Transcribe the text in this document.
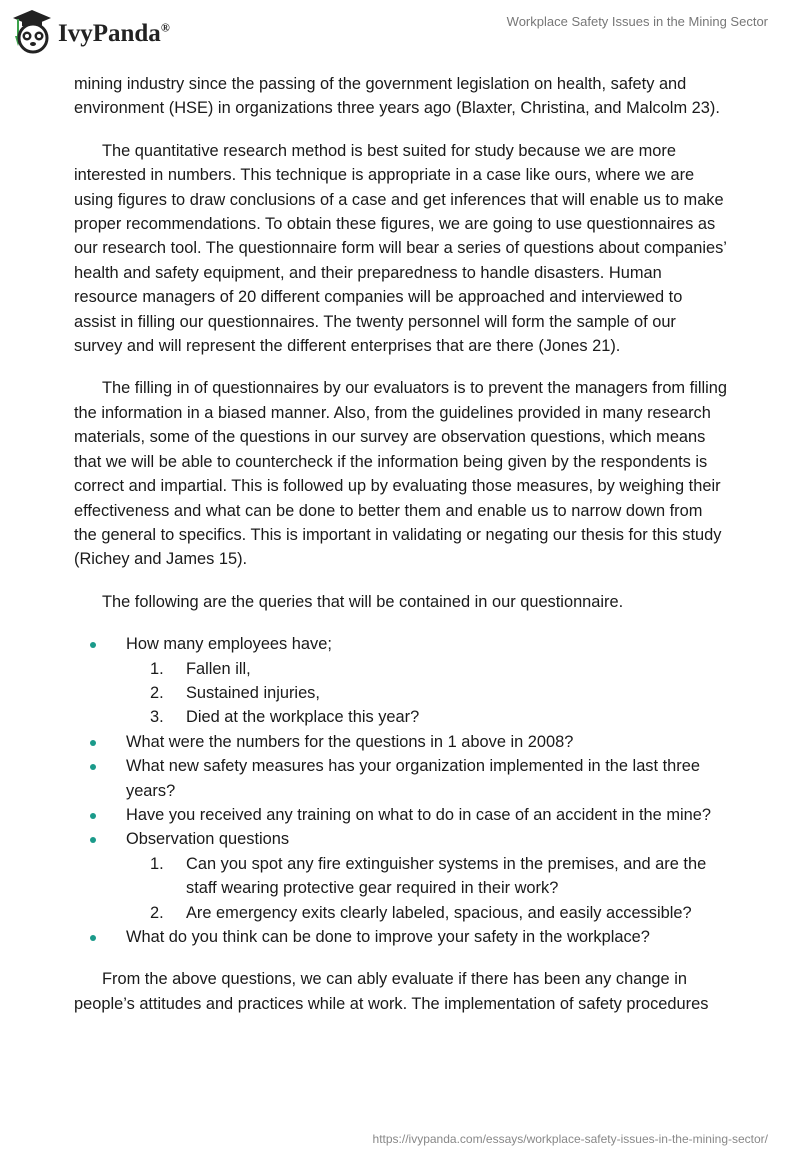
IvyPanda®	Workplace Safety Issues in the Mining Sector

mining industry since the passing of the government legislation on health, safety and environment (HSE) in organizations three years ago (Blaxter, Christina, and Malcolm 23).

The quantitative research method is best suited for study because we are more interested in numbers. This technique is appropriate in a case like ours, where we are using figures to draw conclusions of a case and get inferences that will enable us to make proper recommendations. To obtain these figures, we are going to use questionnaires as our research tool. The questionnaire form will bear a series of questions about companies’ health and safety equipment, and their preparedness to handle disasters. Human resource managers of 20 different companies will be approached and interviewed to assist in filling our questionnaires. The twenty personnel will form the sample of our survey and will represent the different enterprises that are there (Jones 21).

The filling in of questionnaires by our evaluators is to prevent the managers from filling the information in a biased manner. Also, from the guidelines provided in many research materials, some of the questions in our survey are observation questions, which means that we will be able to countercheck if the information being given by the respondents is correct and impartial. This is followed up by evaluating those measures, by weighing their effectiveness and what can be done to better them and enable us to narrow down from the general to specifics. This is important in validating or negating our thesis for this study (Richey and James 15).

The following are the queries that will be contained in our questionnaire.

How many employees have;
1. Fallen ill,
2. Sustained injuries,
3. Died at the workplace this year?
What were the numbers for the questions in 1 above in 2008?
What new safety measures has your organization implemented in the last three years?
Have you received any training on what to do in case of an accident in the mine?
Observation questions
1. Can you spot any fire extinguisher systems in the premises, and are the staff wearing protective gear required in their work?
2. Are emergency exits clearly labeled, spacious, and easily accessible?
What do you think can be done to improve your safety in the workplace?

From the above questions, we can ably evaluate if there has been any change in people’s attitudes and practices while at work. The implementation of safety procedures

https://ivypanda.com/essays/workplace-safety-issues-in-the-mining-sector/
